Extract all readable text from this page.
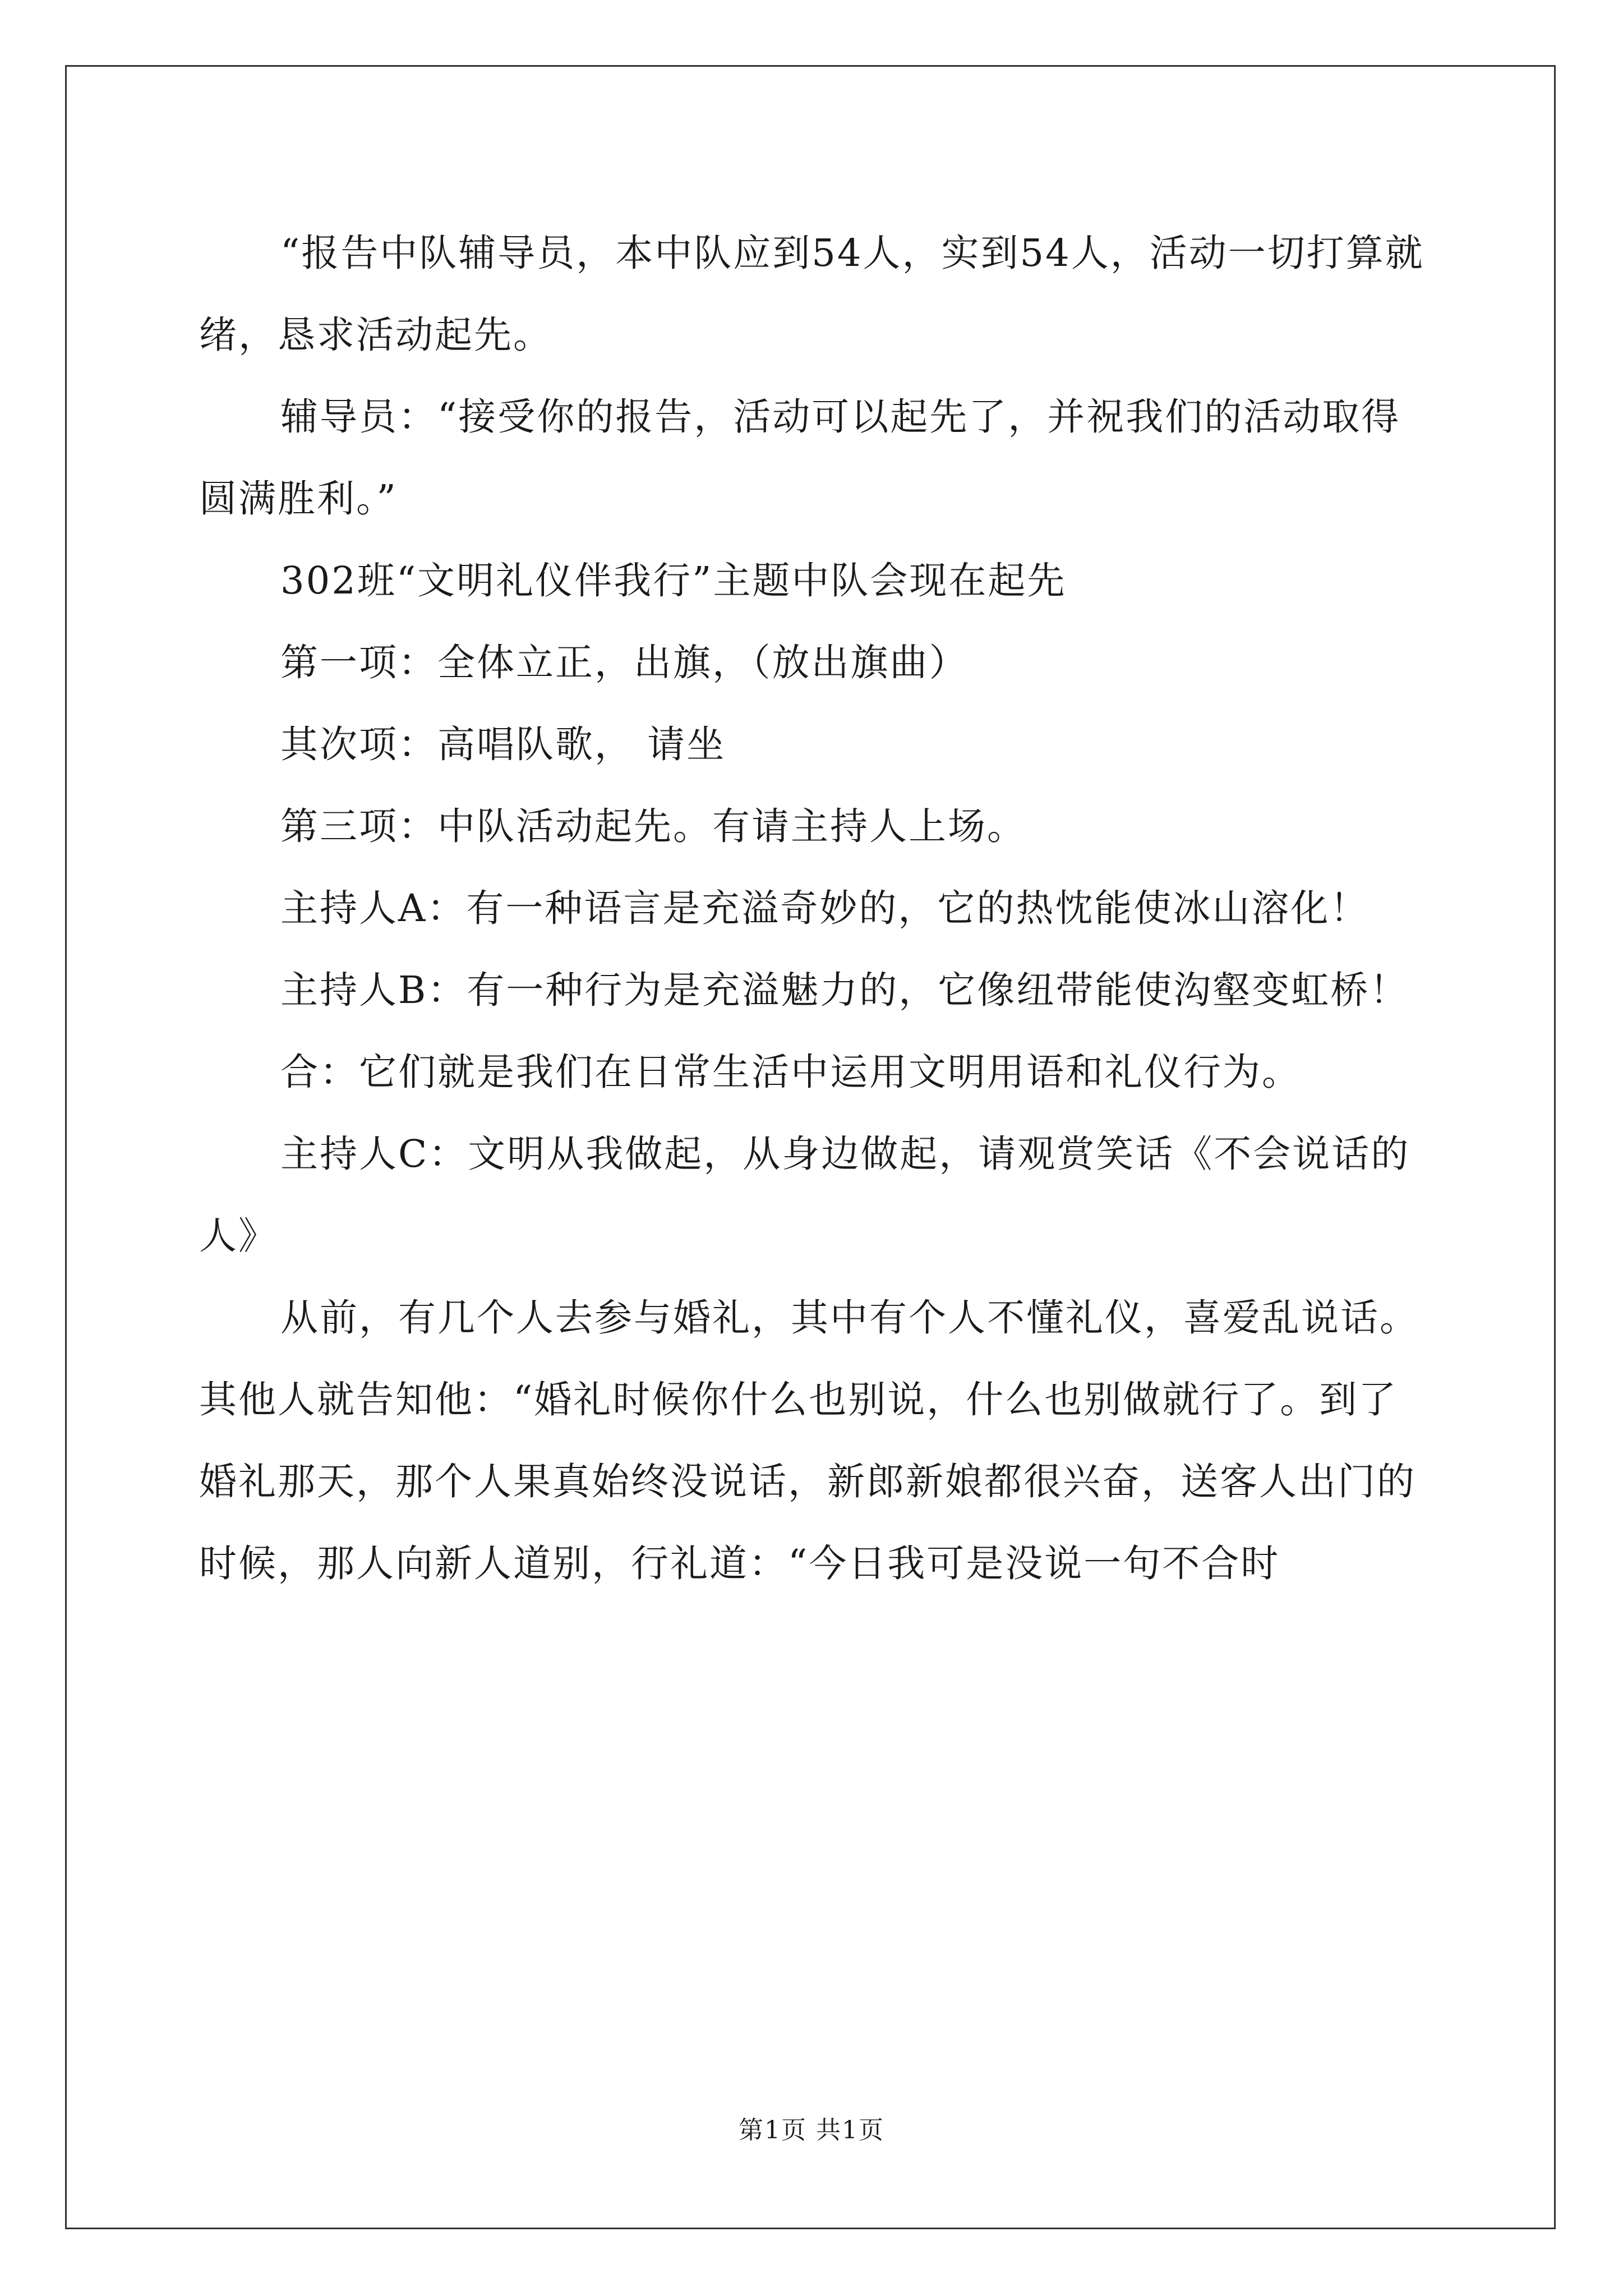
“报告中队辅导员，本中队应到54人，实到54人，活动一切打算就绪，恳求活动起先。

辅导员：“接受你的报告，活动可以起先了，并祝我们的活动取得圆满胜利。”

302班“文明礼仪伴我行”主题中队会现在起先

第一项：全体立正，出旗，（放出旗曲）

其次项：高唱队歌， 请坐

第三项：中队活动起先。有请主持人上场。

主持人A：有一种语言是充溢奇妙的，它的热忱能使冰山溶化！

主持人B：有一种行为是充溢魅力的，它像纽带能使沟壑变虹桥！

合：它们就是我们在日常生活中运用文明用语和礼仪行为。

主持人C：文明从我做起，从身边做起，请观赏笑话《不会说话的人》

从前，有几个人去参与婚礼，其中有个人不懂礼仪，喜爱乱说话。其他人就告知他：“婚礼时候你什么也别说，什么也别做就行了。到了婚礼那天，那个人果真始终没说话，新郎新娘都很兴奋，送客人出门的时候，那人向新人道别，行礼道：“今日我可是没说一句不合时

第1页 共1页
